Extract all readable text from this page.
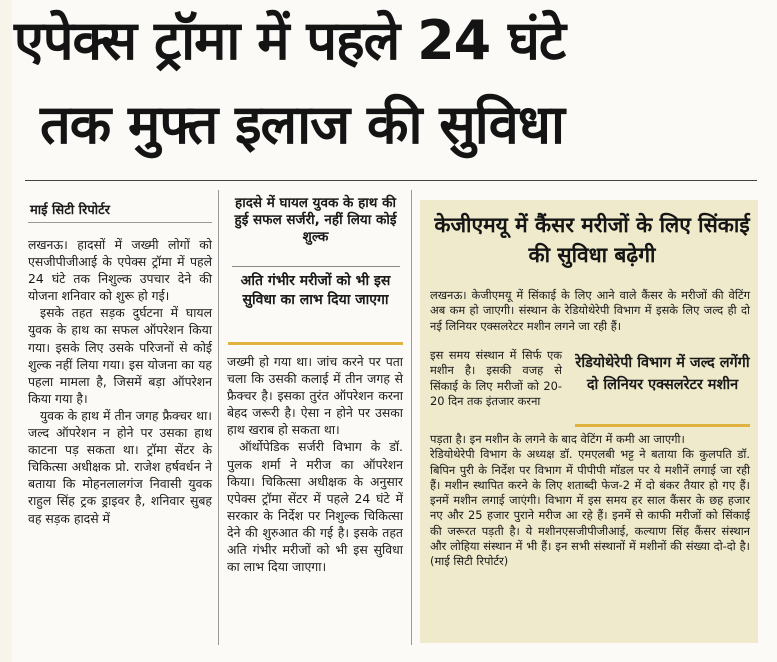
एपेक्स ट्रॉमा में पहले 24 घंटे
तक मुफ्त इलाज की सुविधा
माई सिटी रिपोर्टर

लखनऊ। हादसों में जख्मी लोगों को एसजीपीजीआई के एपेक्स ट्रॉमा में पहले 24 घंटे तक निशुल्क उपचार देने की योजना शनिवार को शुरू हो गई।

इसके तहत सड़क दुर्घटना में घायल युवक के हाथ का सफल ऑपरेशन किया गया। इसके लिए उसके परिजनों से कोई शुल्क नहीं लिया गया। इस योजना का यह पहला मामला है, जिसमें बड़ा ऑपरेशन किया गया है।

युवक के हाथ में तीन जगह फ्रैक्चर था। जल्द ऑपरेशन न होने पर उसका हाथ काटना पड़ सकता था। ट्रॉमा सेंटर के चिकित्सा अधीक्षक प्रो. राजेश हर्षवर्धन ने बताया कि मोहनलालगंज निवासी युवक राहुल सिंह ट्रक ड्राइवर है, शनिवार सुबह वह सड़क हादसे में

हादसे में घायल युवक के हाथ की हुई सफल सर्जरी, नहीं लिया कोई शुल्क
अति गंभीर मरीजों को भी इस सुविधा का लाभ दिया जाएगा

जख्मी हो गया था। जांच करने पर पता चला कि उसकी कलाई में तीन जगह से फ्रैक्चर है। इसका तुरंत ऑपरेशन करना बेहद जरूरी है। ऐसा न होने पर उसका हाथ खराब हो सकता था।

ऑर्थोपेडिक सर्जरी विभाग के डॉ. पुलक शर्मा ने मरीज का ऑपरेशन किया। चिकित्सा अधीक्षक के अनुसार एपेक्स ट्रॉमा सेंटर में पहले 24 घंटे में सरकार के निर्देश पर निशुल्क चिकित्सा देने की शुरुआत की गई है। इसके तहत अति गंभीर मरीजों को भी इस सुविधा का लाभ दिया जाएगा।

केजीएमयू में कैंसर मरीजों के लिए सिंकाई की सुविधा बढ़ेगी

लखनऊ। केजीएमयू में सिंकाई के लिए आने वाले कैंसर के मरीजों की वेटिंग अब कम हो जाएगी। संस्थान के रेडियोथेरेपी विभाग में इसके लिए जल्द ही दो नई लिनियर एक्सलरेटर मशीन लगने जा रही हैं।

इस समय संस्थान में सिर्फ एक मशीन है। इसकी वजह से सिंकाई के लिए मरीजों को 20-20 दिन तक इंतजार करना

रेडियोथेरेपी विभाग में जल्द लगेंगी दो लिनियर एक्सलरेटर मशीन

पड़ता है। इन मशीन के लगने के बाद वेटिंग में कमी आ जाएगी।

रेडियोथेरेपी विभाग के अध्यक्ष डॉ. एमएलबी भट्ट ने बताया कि कुलपति डॉ. बिपिन पुरी के निर्देश पर विभाग में पीपीपी मॉडल पर ये मशीनें लगाई जा रही हैं। मशीन स्थापित करने के लिए शताब्दी फेज-2 में दो बंकर तैयार हो गए हैं। इनमें मशीन लगाई जाएंगी। विभाग में इस समय हर साल कैंसर के छह हजार नए और 25 हजार पुराने मरीज आ रहे हैं। इनमें से काफी मरीजों को सिंकाई की जरूरत पड़ती है। ये मशीनएसजीपीजीआई, कल्याण सिंह कैंसर संस्थान और लोहिया संस्थान में भी हैं। इन सभी संस्थानों में मशीनों की संख्या दो-दो है। (माई सिटी रिपोर्टर)
